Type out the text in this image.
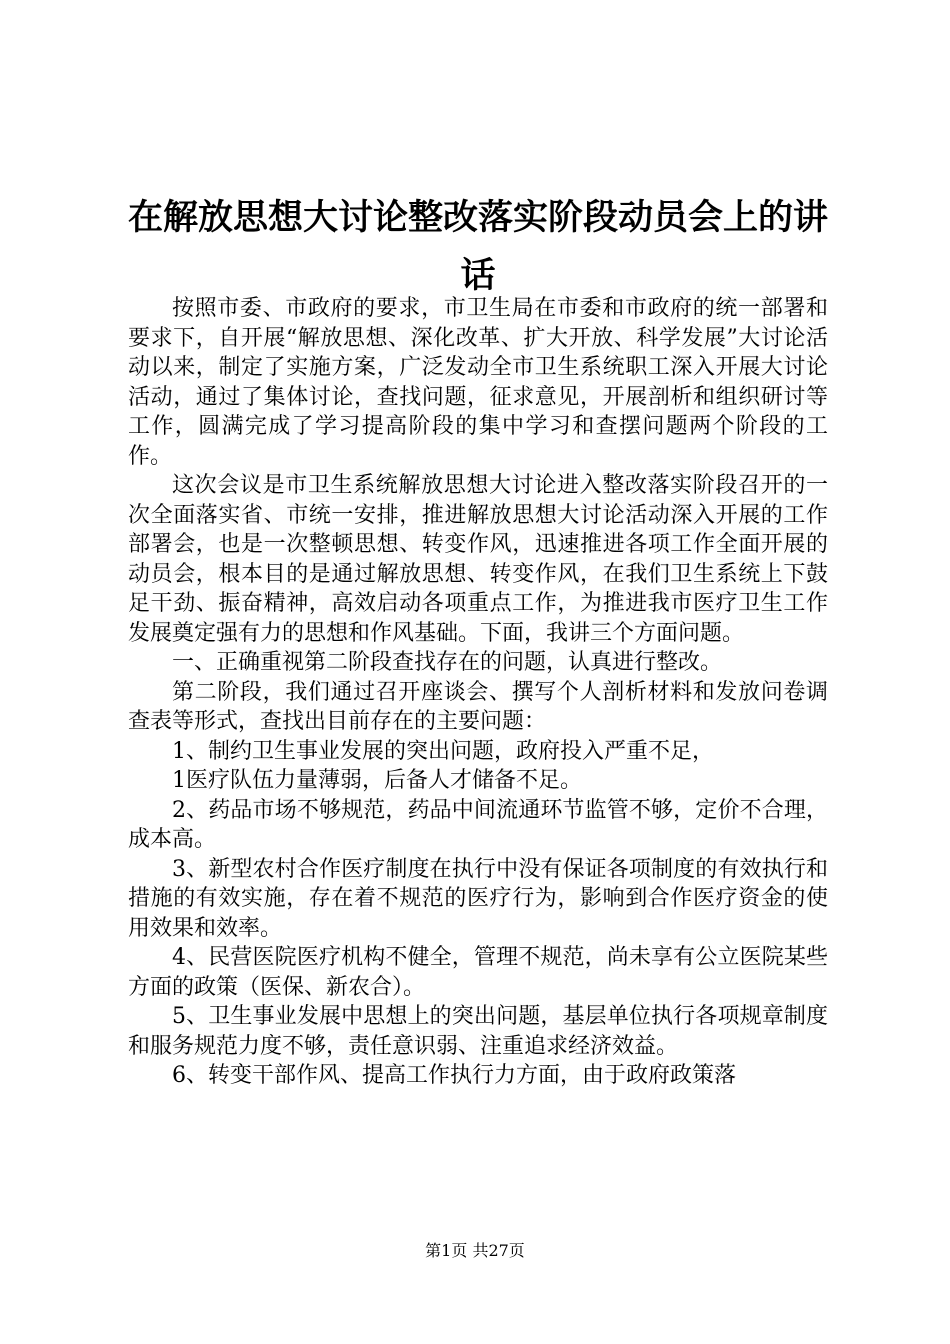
在解放思想大讨论整改落实阶段动员会上的讲话

按照市委、市政府的要求，市卫生局在市委和市政府的统一部署和要求下，自开展“解放思想、深化改革、扩大开放、科学发展”大讨论活动以来，制定了实施方案，广泛发动全市卫生系统职工深入开展大讨论活动，通过了集体讨论，查找问题，征求意见，开展剖析和组织研讨等工作，圆满完成了学习提高阶段的集中学习和查摆问题两个阶段的工作。

这次会议是市卫生系统解放思想大讨论进入整改落实阶段召开的一次全面落实省、市统一安排，推进解放思想大讨论活动深入开展的工作部署会，也是一次整顿思想、转变作风，迅速推进各项工作全面开展的动员会，根本目的是通过解放思想、转变作风，在我们卫生系统上下鼓足干劲、振奋精神，高效启动各项重点工作，为推进我市医疗卫生工作发展奠定强有力的思想和作风基础。下面，我讲三个方面问题。

一、正确重视第二阶段查找存在的问题，认真进行整改。

第二阶段，我们通过召开座谈会、撰写个人剖析材料和发放问卷调查表等形式，查找出目前存在的主要问题：

1、制约卫生事业发展的突出问题，政府投入严重不足，

1医疗队伍力量薄弱，后备人才储备不足。

2、药品市场不够规范，药品中间流通环节监管不够，定价不合理，成本高。

3、新型农村合作医疗制度在执行中没有保证各项制度的有效执行和措施的有效实施，存在着不规范的医疗行为，影响到合作医疗资金的使用效果和效率。

4、民营医院医疗机构不健全，管理不规范，尚未享有公立医院某些方面的政策（医保、新农合）。

5、卫生事业发展中思想上的突出问题，基层单位执行各项规章制度和服务规范力度不够，责任意识弱、注重追求经济效益。

6、转变干部作风、提高工作执行力方面，由于政府政策落

第1页 共27页
